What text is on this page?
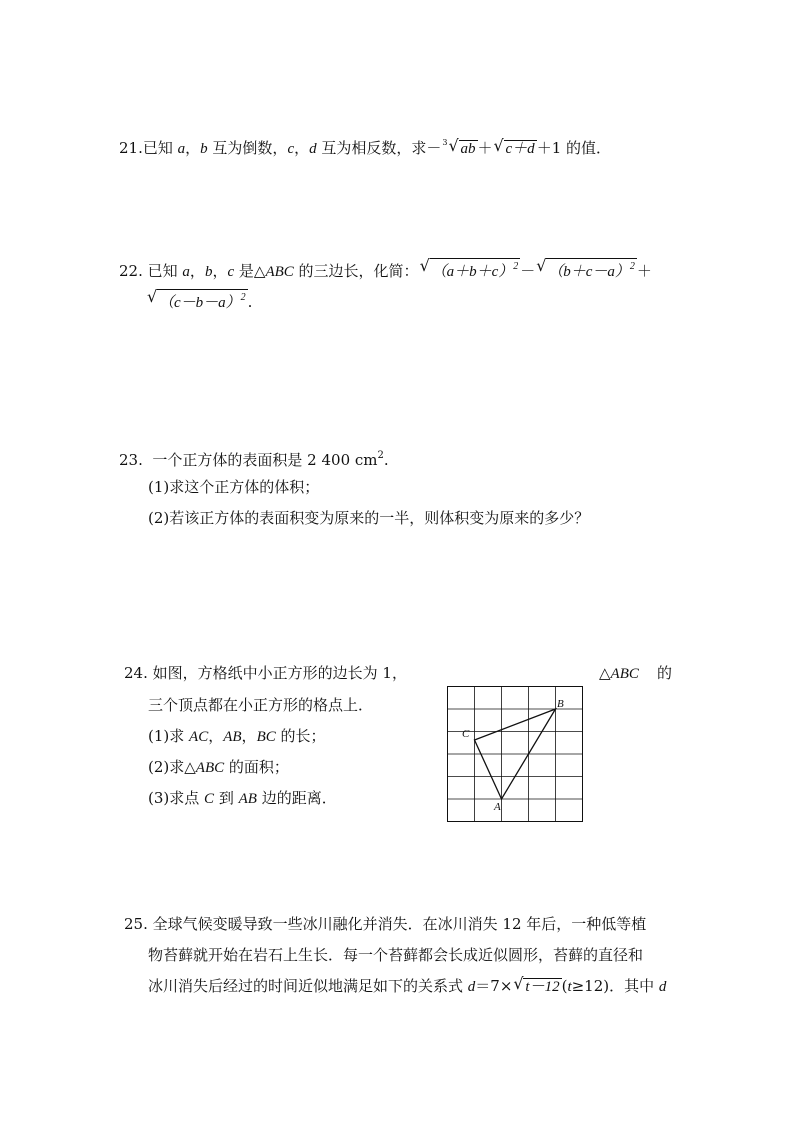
21.已知 a，b 互为倒数，c，d 互为相反数，求－$^3$ √ ab ＋ √ c＋d ＋1 的值．
22. 已知 a，b，c 是△ABC 的三边长，化简： √ $(a+b+c)^2$ － √ $(b+c-a)^2$ ＋
√ $(c-b-a)^2$ .
23. 一个正方体的表面积是 2 400 $cm^2$.
(1)求这个正方体的体积；
(2)若该正方体的表面积变为原来的一半，则体积变为原来的多少？
24. 如图，方格纸中小正方形的边长为 1，	△ABC 的
三个顶点都在小正方形的格点上．
(1)求 AC，AB，BC 的长；
(2)求△ABC 的面积；
(3)求点 C 到 AB 边的距离．
B
C
A
25. 全球气候变暖导致一些冰川融化并消失．在冰川消失 12 年后，一种低等植
物苔藓就开始在岩石上生长．每一个苔藓都会长成近似圆形，苔藓的直径和
冰川消失后经过的时间近似地满足如下的关系式 d＝7× √ t－12 (t≥12)．其中 d
